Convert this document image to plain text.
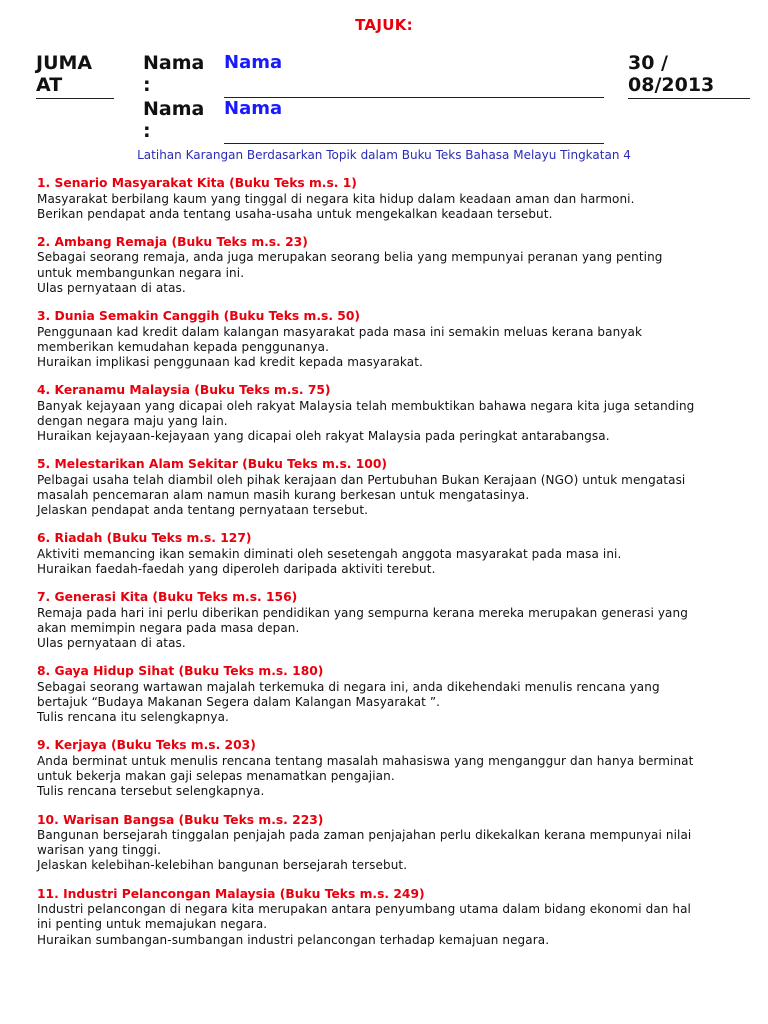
TAJUK:
JUMA
AT
Nama
:
Nama
Nama
:
Nama
30 /
08/2013
Latihan Karangan Berdasarkan Topik dalam Buku Teks Bahasa Melayu Tingkatan 4
1. Senario Masyarakat Kita (Buku Teks m.s. 1)
Masyarakat berbilang kaum yang tinggal di negara kita hidup dalam keadaan aman dan harmoni.
Berikan pendapat anda tentang usaha-usaha untuk mengekalkan keadaan tersebut.
2. Ambang Remaja (Buku Teks m.s. 23)
Sebagai seorang remaja, anda juga merupakan seorang belia yang mempunyai peranan yang penting
untuk membangunkan negara ini.
Ulas pernyataan di atas.
3. Dunia Semakin Canggih (Buku Teks m.s. 50)
Penggunaan kad kredit dalam kalangan masyarakat pada masa ini semakin meluas kerana banyak
memberikan kemudahan kepada penggunanya.
Huraikan implikasi penggunaan kad kredit kepada masyarakat.
4. Keranamu Malaysia (Buku Teks m.s. 75)
Banyak kejayaan yang dicapai oleh rakyat Malaysia telah membuktikan bahawa negara kita juga setanding
dengan negara maju yang lain.
Huraikan kejayaan-kejayaan yang dicapai oleh rakyat Malaysia pada peringkat antarabangsa.
5. Melestarikan Alam Sekitar (Buku Teks m.s. 100)
Pelbagai usaha telah diambil oleh pihak kerajaan dan Pertubuhan Bukan Kerajaan (NGO) untuk mengatasi
masalah pencemaran alam namun masih kurang berkesan untuk mengatasinya.
Jelaskan pendapat anda tentang pernyataan tersebut.
6. Riadah (Buku Teks m.s. 127)
Aktiviti memancing ikan semakin diminati oleh sesetengah anggota masyarakat pada masa ini.
Huraikan faedah-faedah yang diperoleh daripada aktiviti terebut.
7. Generasi Kita (Buku Teks m.s. 156)
Remaja pada hari ini perlu diberikan pendidikan yang sempurna kerana mereka merupakan generasi yang
akan memimpin negara pada masa depan.
Ulas pernyataan di atas.
8. Gaya Hidup Sihat (Buku Teks m.s. 180)
Sebagai seorang wartawan majalah terkemuka di negara ini, anda dikehendaki menulis rencana yang
bertajuk “Budaya Makanan Segera dalam Kalangan Masyarakat ”.
Tulis rencana itu selengkapnya.
9. Kerjaya (Buku Teks m.s. 203)
Anda berminat untuk menulis rencana tentang masalah mahasiswa yang menganggur dan hanya berminat
untuk bekerja makan gaji selepas menamatkan pengajian.
Tulis rencana tersebut selengkapnya.
10. Warisan Bangsa (Buku Teks m.s. 223)
Bangunan bersejarah tinggalan penjajah pada zaman penjajahan perlu dikekalkan kerana mempunyai nilai
warisan yang tinggi.
Jelaskan kelebihan-kelebihan bangunan bersejarah tersebut.
11. Industri Pelancongan Malaysia (Buku Teks m.s. 249)
Industri pelancongan di negara kita merupakan antara penyumbang utama dalam bidang ekonomi dan hal
ini penting untuk memajukan negara.
Huraikan sumbangan-sumbangan industri pelancongan terhadap kemajuan negara.
